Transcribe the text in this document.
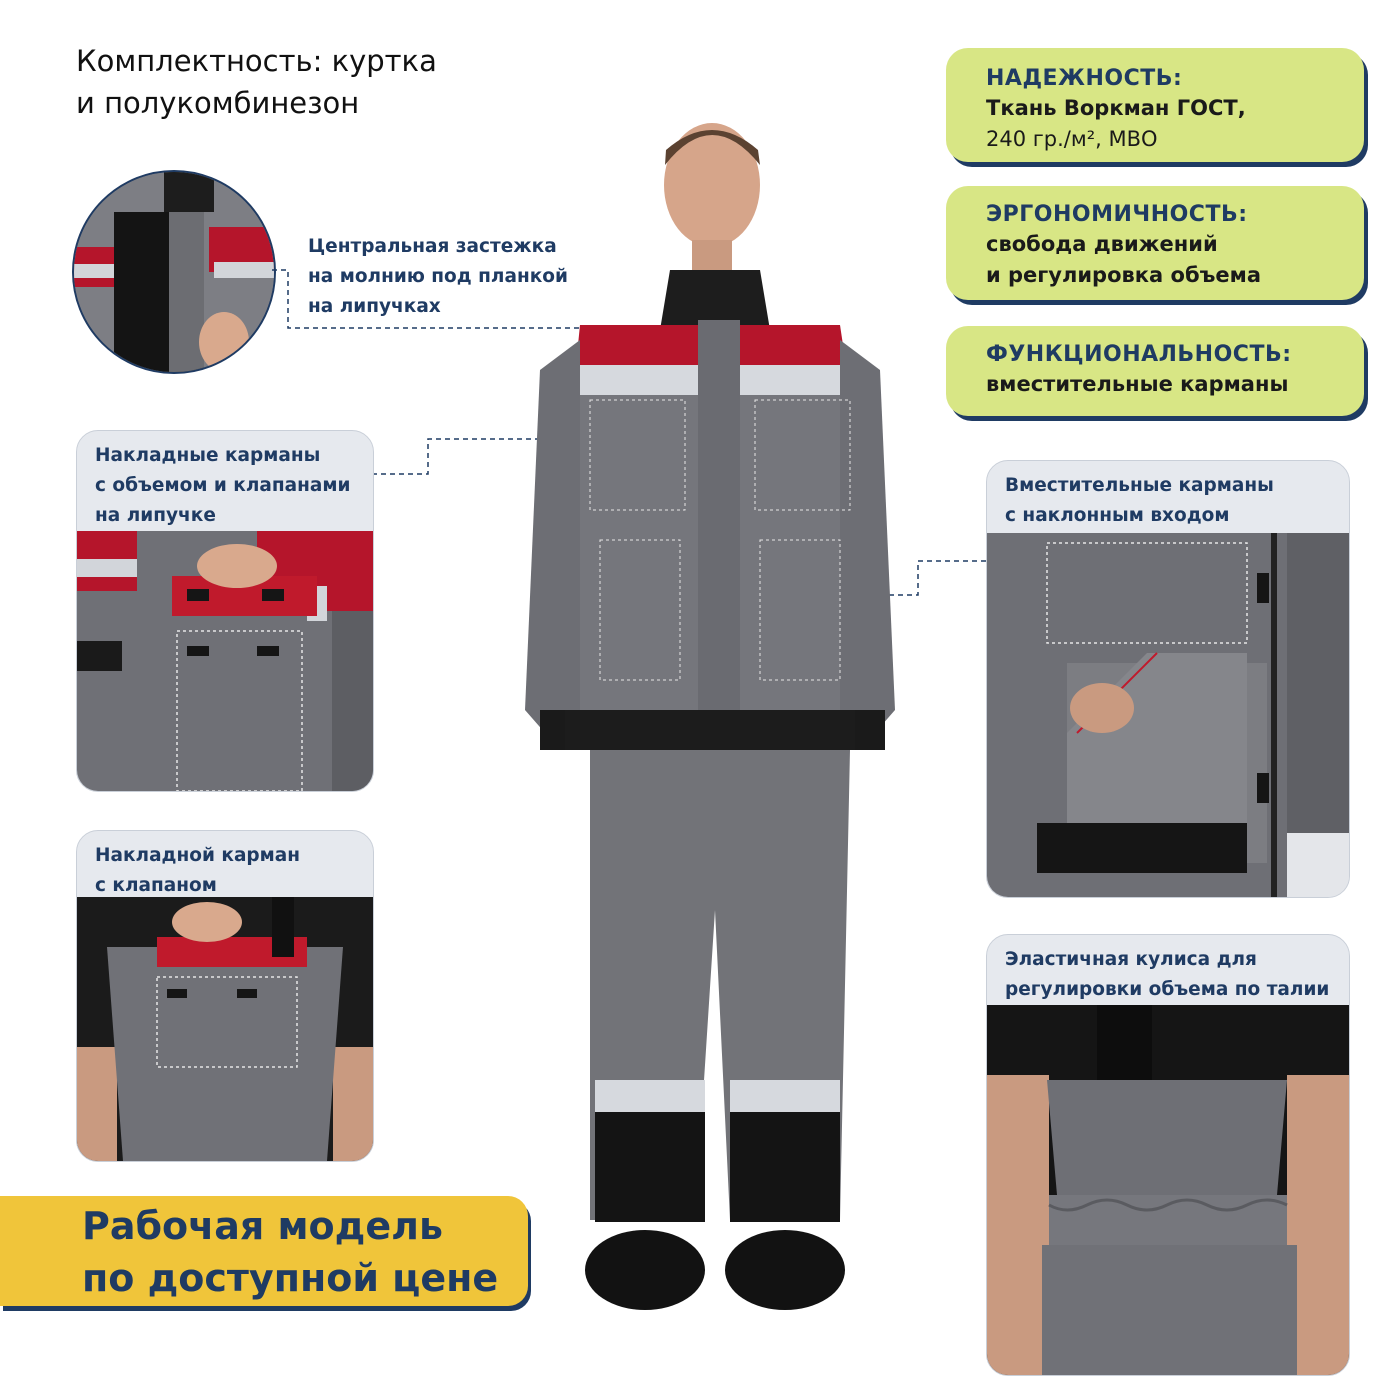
Комплектность: куртка
и полукомбинезон
НАДЕЖНОСТЬ:
Ткань Воркман ГОСТ,
240 гр./м², МВО
ЭРГОНОМИЧНОСТЬ:
свобода движений
и регулировка объема
ФУНКЦИОНАЛЬНОСТЬ:
вместительные карманы
Центральная застежка
на молнию под планкой
на липучках
Накладные карманы
с объемом и клапанами
на липучке
Накладной карман
с клапаном
Вместительные карманы
с наклонным входом
Эластичная кулиса для
регулировки объема по талии
Рабочая модель
по доступной цене
